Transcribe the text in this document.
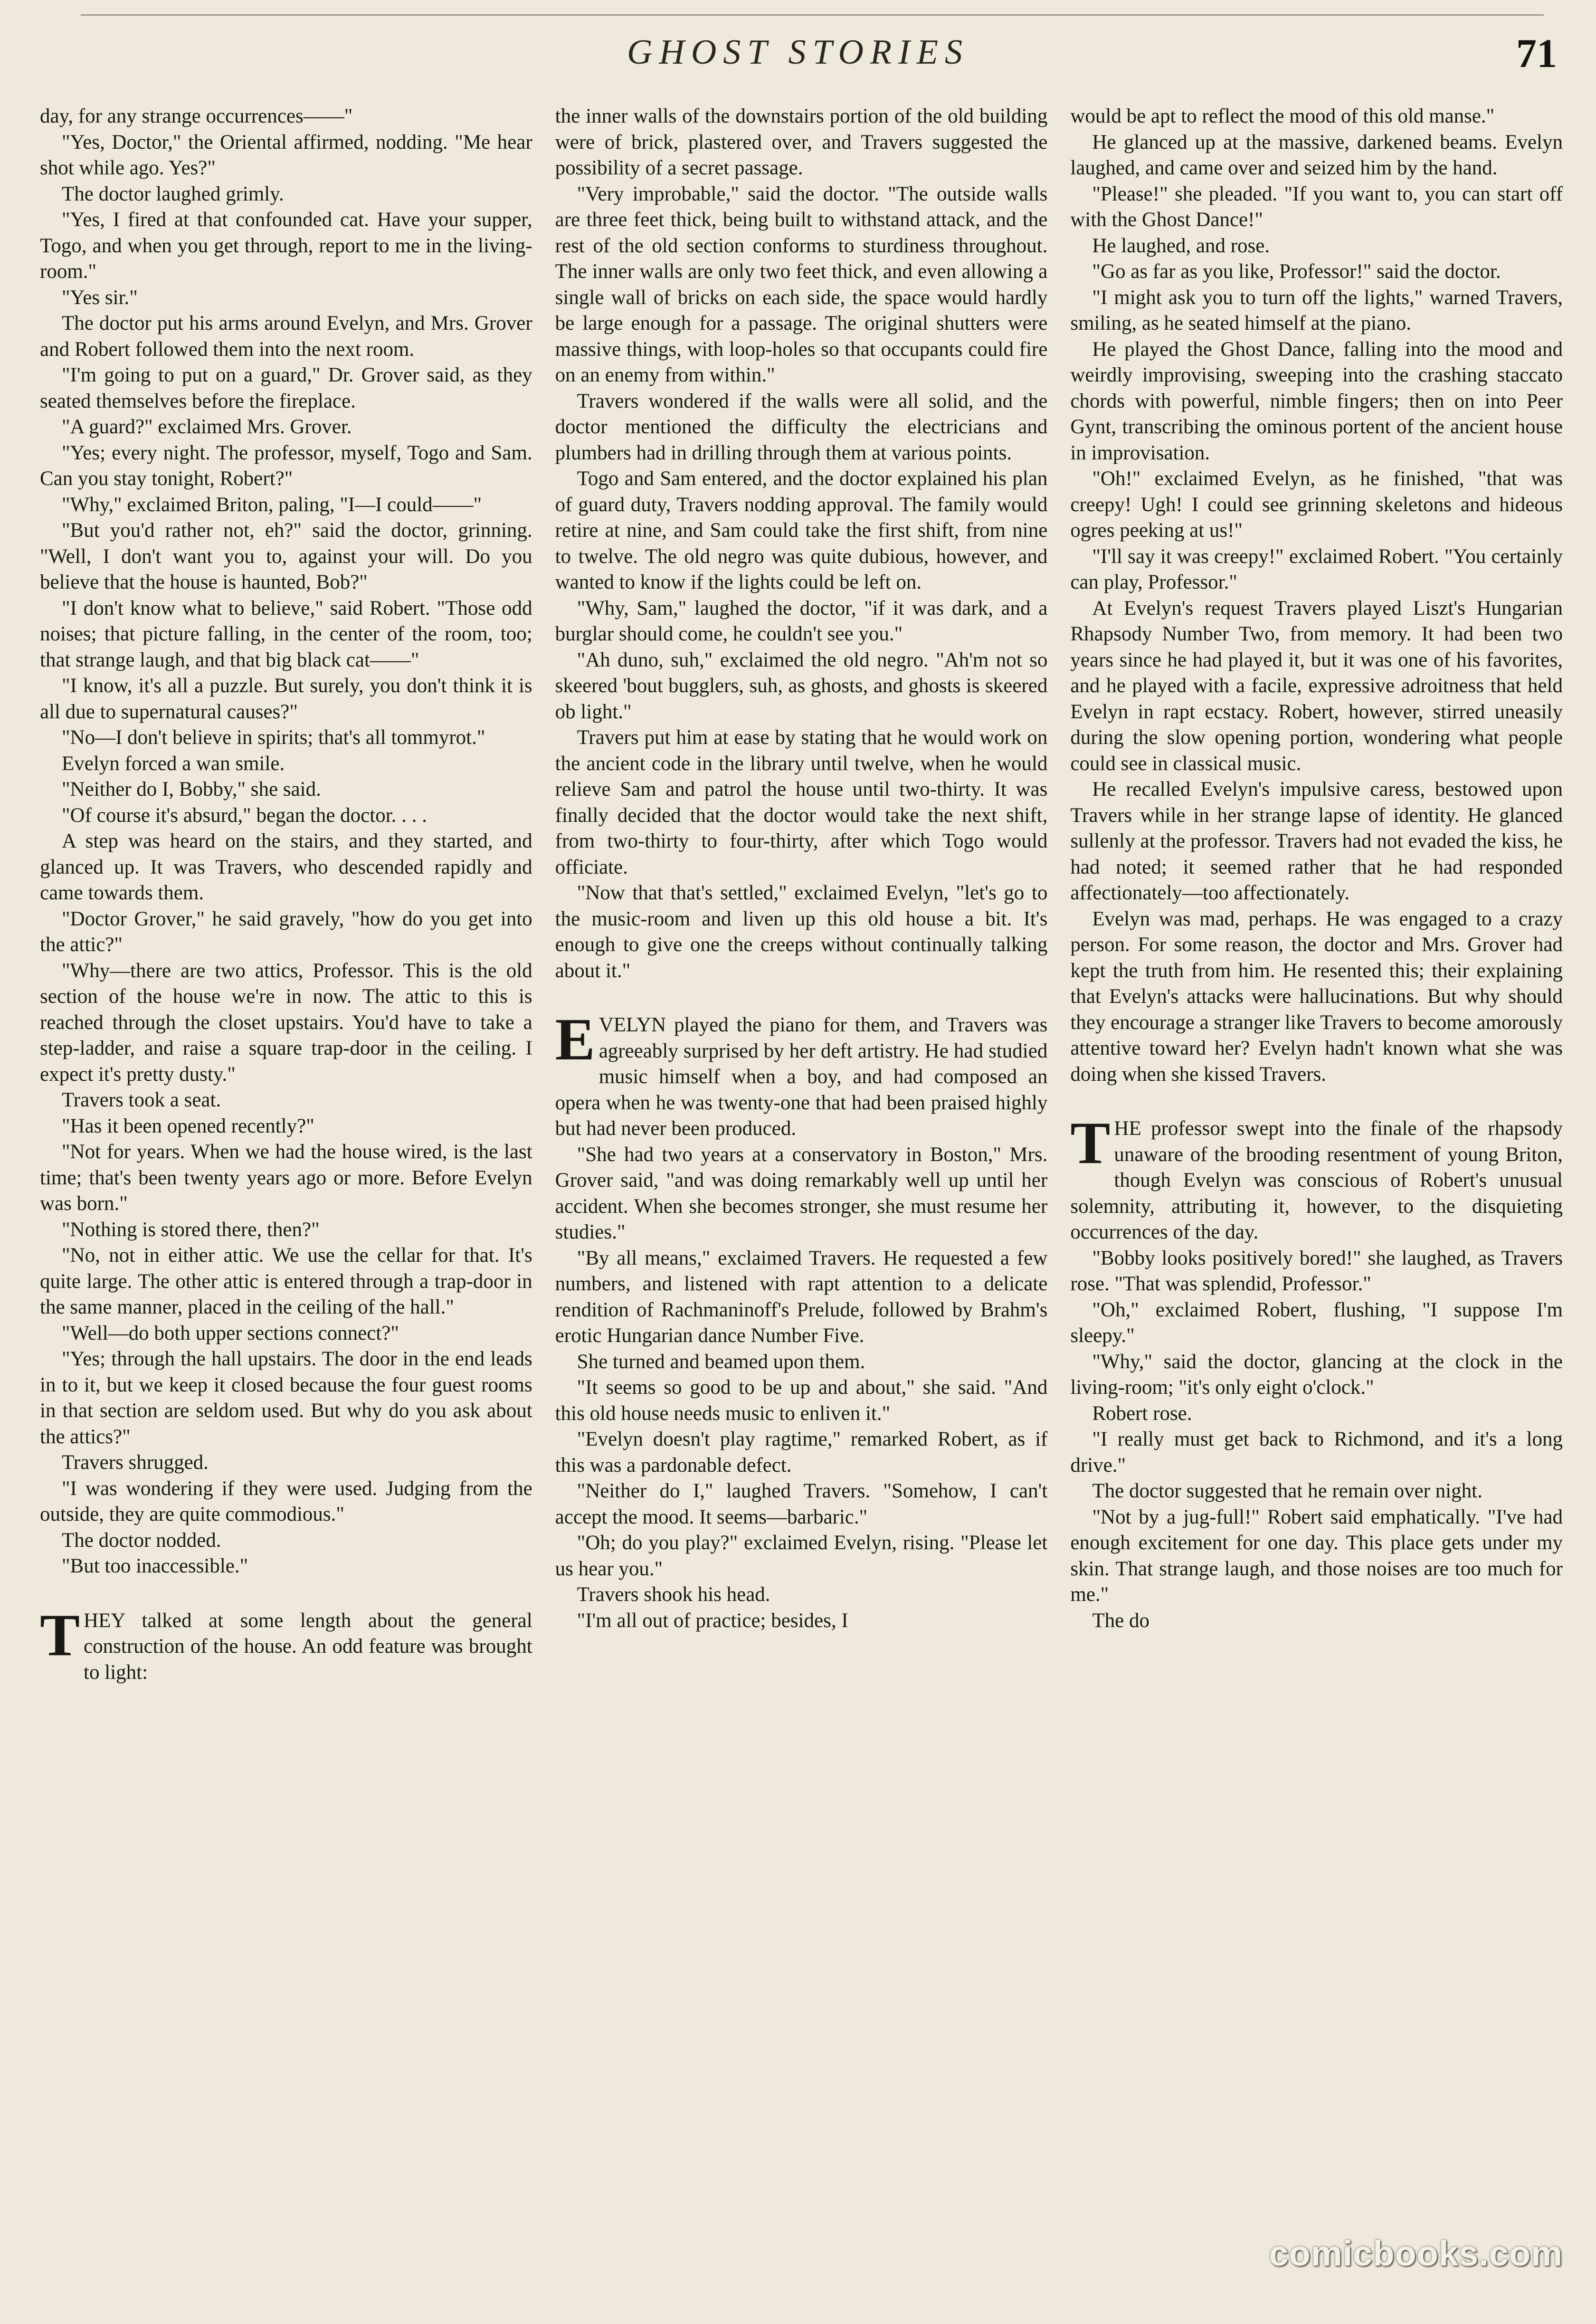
GHOST STORIES	71

day, for any strange occurrences——"

"Yes, Doctor," the Oriental affirmed, nodding. "Me hear shot while ago. Yes?"

The doctor laughed grimly.

"Yes, I fired at that confounded cat. Have your supper, Togo, and when you get through, report to me in the living-room."

"Yes sir."

The doctor put his arms around Evelyn, and Mrs. Grover and Robert followed them into the next room.

"I'm going to put on a guard," Dr. Grover said, as they seated themselves before the fireplace.

"A guard?" exclaimed Mrs. Grover.

"Yes; every night. The professor, myself, Togo and Sam. Can you stay tonight, Robert?"

"Why," exclaimed Briton, paling, "I—I could——"

"But you'd rather not, eh?" said the doctor, grinning. "Well, I don't want you to, against your will. Do you believe that the house is haunted, Bob?"

"I don't know what to believe," said Robert. "Those odd noises; that picture falling, in the center of the room, too; that strange laugh, and that big black cat——"

"I know, it's all a puzzle. But surely, you don't think it is all due to supernatural causes?"

"No—I don't believe in spirits; that's all tommyrot."

Evelyn forced a wan smile.

"Neither do I, Bobby," she said.

"Of course it's absurd," began the doctor. . . .

A step was heard on the stairs, and they started, and glanced up. It was Travers, who descended rapidly and came towards them.

"Doctor Grover," he said gravely, "how do you get into the attic?"

"Why—there are two attics, Professor. This is the old section of the house we're in now. The attic to this is reached through the closet upstairs. You'd have to take a step-ladder, and raise a square trap-door in the ceiling. I expect it's pretty dusty."

Travers took a seat.

"Has it been opened recently?"

"Not for years. When we had the house wired, is the last time; that's been twenty years ago or more. Before Evelyn was born."

"Nothing is stored there, then?"

"No, not in either attic. We use the cellar for that. It's quite large. The other attic is entered through a trap-door in the same manner, placed in the ceiling of the hall."

"Well—do both upper sections connect?"

"Yes; through the hall upstairs. The door in the end leads in to it, but we keep it closed because the four guest rooms in that section are seldom used. But why do you ask about the attics?"

Travers shrugged.

"I was wondering if they were used. Judging from the outside, they are quite commodious."

The doctor nodded.

"But too inaccessible."

THEY talked at some length about the general construction of the house. An odd feature was brought to light:

the inner walls of the downstairs portion of the old building were of brick, plastered over, and Travers suggested the possibility of a secret passage.

"Very improbable," said the doctor. "The outside walls are three feet thick, being built to withstand attack, and the rest of the old section conforms to sturdiness throughout. The inner walls are only two feet thick, and even allowing a single wall of bricks on each side, the space would hardly be large enough for a passage. The original shutters were massive things, with loop-holes so that occupants could fire on an enemy from within."

Travers wondered if the walls were all solid, and the doctor mentioned the difficulty the electricians and plumbers had in drilling through them at various points.

Togo and Sam entered, and the doctor explained his plan of guard duty, Travers nodding approval. The family would retire at nine, and Sam could take the first shift, from nine to twelve. The old negro was quite dubious, however, and wanted to know if the lights could be left on.

"Why, Sam," laughed the doctor, "if it was dark, and a burglar should come, he couldn't see you."

"Ah duno, suh," exclaimed the old negro. "Ah'm not so skeered 'bout bugglers, suh, as ghosts, and ghosts is skeered ob light."

Travers put him at ease by stating that he would work on the ancient code in the library until twelve, when he would relieve Sam and patrol the house until two-thirty. It was finally decided that the doctor would take the next shift, from two-thirty to four-thirty, after which Togo would officiate.

"Now that that's settled," exclaimed Evelyn, "let's go to the music-room and liven up this old house a bit. It's enough to give one the creeps without continually talking about it."

EVELYN played the piano for them, and Travers was agreeably surprised by her deft artistry. He had studied music himself when a boy, and had composed an opera when he was twenty-one that had been praised highly but had never been produced.

"She had two years at a conservatory in Boston," Mrs. Grover said, "and was doing remarkably well up until her accident. When she becomes stronger, she must resume her studies."

"By all means," exclaimed Travers. He requested a few numbers, and listened with rapt attention to a delicate rendition of Rachmaninoff's Prelude, followed by Brahm's erotic Hungarian dance Number Five.

She turned and beamed upon them.

"It seems so good to be up and about," she said. "And this old house needs music to enliven it."

"Evelyn doesn't play ragtime," remarked Robert, as if this was a pardonable defect.

"Neither do I," laughed Travers. "Somehow, I can't accept the mood. It seems—barbaric."

"Oh; do you play?" exclaimed Evelyn, rising. "Please let us hear you."

Travers shook his head.

"I'm all out of practice; besides, I

would be apt to reflect the mood of this old manse."

He glanced up at the massive, darkened beams. Evelyn laughed, and came over and seized him by the hand.

"Please!" she pleaded. "If you want to, you can start off with the Ghost Dance!"

He laughed, and rose.

"Go as far as you like, Professor!" said the doctor.

"I might ask you to turn off the lights," warned Travers, smiling, as he seated himself at the piano.

He played the Ghost Dance, falling into the mood and weirdly improvising, sweeping into the crashing staccato chords with powerful, nimble fingers; then on into Peer Gynt, transcribing the ominous portent of the ancient house in improvisation.

"Oh!" exclaimed Evelyn, as he finished, "that was creepy! Ugh! I could see grinning skeletons and hideous ogres peeking at us!"

"I'll say it was creepy!" exclaimed Robert. "You certainly can play, Professor."

At Evelyn's request Travers played Liszt's Hungarian Rhapsody Number Two, from memory. It had been two years since he had played it, but it was one of his favorites, and he played with a facile, expressive adroitness that held Evelyn in rapt ecstacy. Robert, however, stirred uneasily during the slow opening portion, wondering what people could see in classical music.

He recalled Evelyn's impulsive caress, bestowed upon Travers while in her strange lapse of identity. He glanced sullenly at the professor. Travers had not evaded the kiss, he had noted; it seemed rather that he had responded affectionately—too affectionately.

Evelyn was mad, perhaps. He was engaged to a crazy person. For some reason, the doctor and Mrs. Grover had kept the truth from him. He resented this; their explaining that Evelyn's attacks were hallucinations. But why should they encourage a stranger like Travers to become amorously attentive toward her? Evelyn hadn't known what she was doing when she kissed Travers.

THE professor swept into the finale of the rhapsody unaware of the brooding resentment of young Briton, though Evelyn was conscious of Robert's unusual solemnity, attributing it, however, to the disquieting occurrences of the day.

"Bobby looks positively bored!" she laughed, as Travers rose. "That was splendid, Professor."

"Oh," exclaimed Robert, flushing, "I suppose I'm sleepy."

"Why," said the doctor, glancing at the clock in the living-room; "it's only eight o'clock."

Robert rose.

"I really must get back to Richmond, and it's a long drive."

The doctor suggested that he remain over night.

"Not by a jug-full!" Robert said emphatically. "I've had enough excitement for one day. This place gets under my skin. That strange laugh, and those noises are too much for me."

The do

comicbooks.com
